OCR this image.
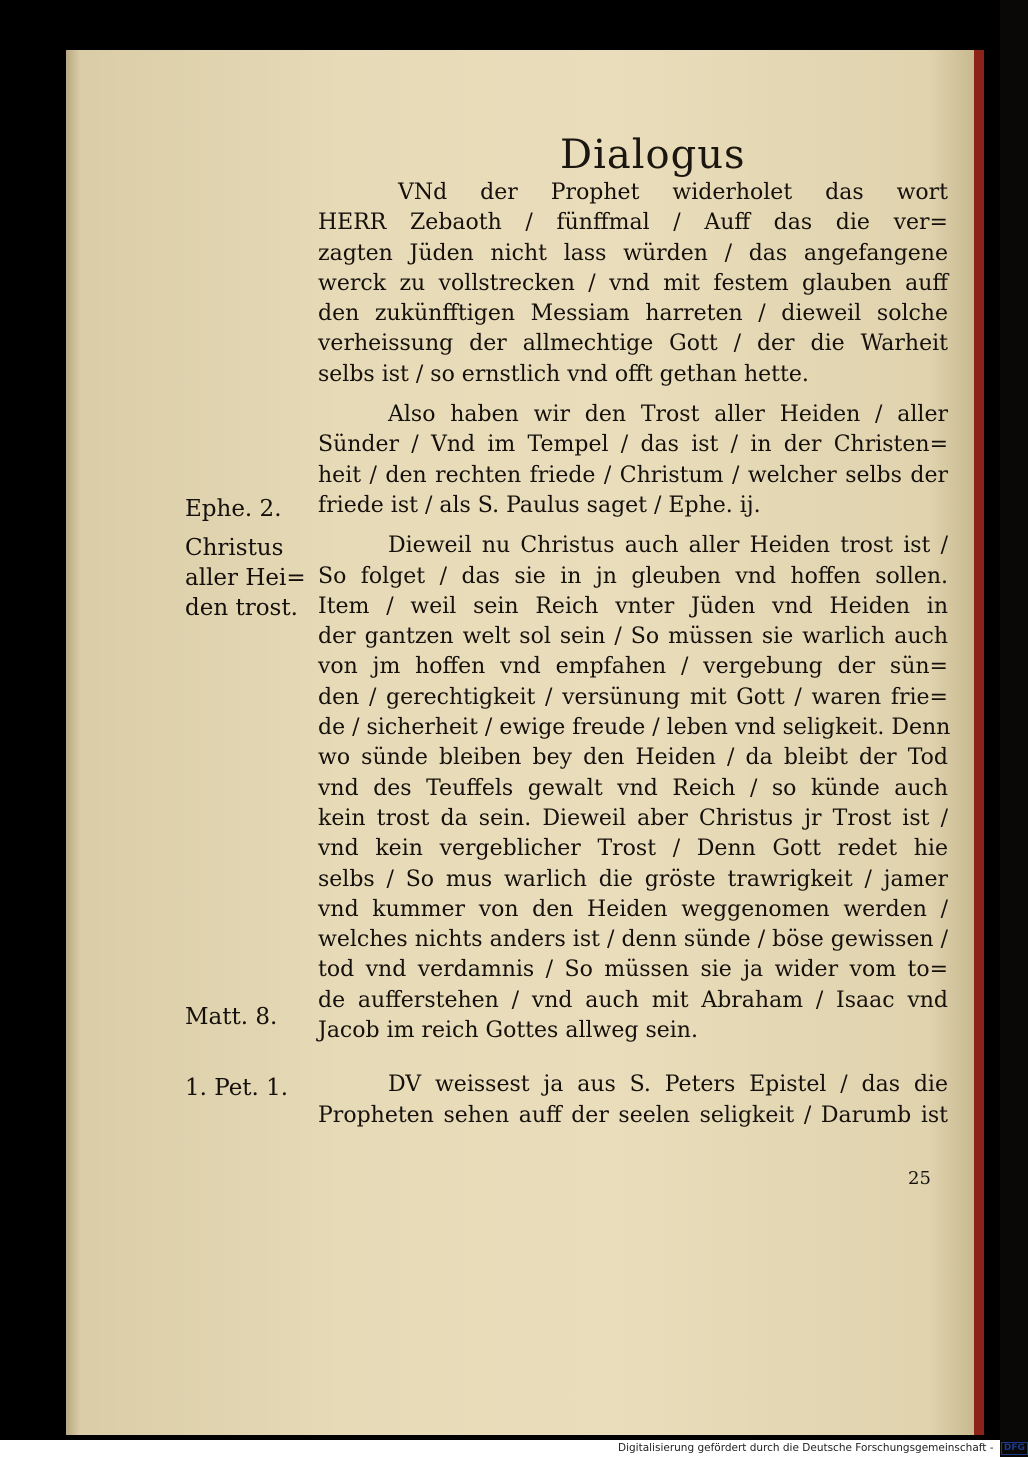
Dialogus
VNd der Prophet widerholet das wort
HERR Zebaoth / fünffmal / Auff das die ver=
zagten Jüden nicht lass würden / das angefangene
werck zu vollstrecken / vnd mit festem glauben auff
den zukünfftigen Messiam harreten / dieweil solche
verheissung der allmechtige Gott / der die Warheit
selbs ist / so ernstlich vnd offt gethan hette.
Also haben wir den Trost aller Heiden / aller
Sünder / Vnd im Tempel / das ist / in der Christen=
heit / den rechten friede / Christum / welcher selbs der
friede ist / als S. Paulus saget / Ephe. ij.
Dieweil nu Christus auch aller Heiden trost ist /
So folget / das sie in jn gleuben vnd hoffen sollen.
Item / weil sein Reich vnter Jüden vnd Heiden in
der gantzen welt sol sein / So müssen sie warlich auch
von jm hoffen vnd empfahen / vergebung der sün=
den / gerechtigkeit / versünung mit Gott / waren frie=
de / sicherheit / ewige freude / leben vnd seligkeit. Denn
wo sünde bleiben bey den Heiden / da bleibt der Tod
vnd des Teuffels gewalt vnd Reich / so künde auch
kein trost da sein. Dieweil aber Christus jr Trost ist /
vnd kein vergeblicher Trost / Denn Gott redet hie
selbs / So mus warlich die gröste trawrigkeit / jamer
vnd kummer von den Heiden weggenomen werden /
welches nichts anders ist / denn sünde / böse gewissen /
tod vnd verdamnis / So müssen sie ja wider vom to=
de aufferstehen / vnd auch mit Abraham / Isaac vnd
Jacob im reich Gottes allweg sein.
DV weissest ja aus S. Peters Epistel / das die
Propheten sehen auff der seelen seligkeit / Darumb ist
Ephe. 2.
Christus
aller Hei=
den trost.
Matt. 8.
1. Pet. 1.
25
Digitalisierung gefördert durch die Deutsche Forschungsgemeinschaft - DFG
